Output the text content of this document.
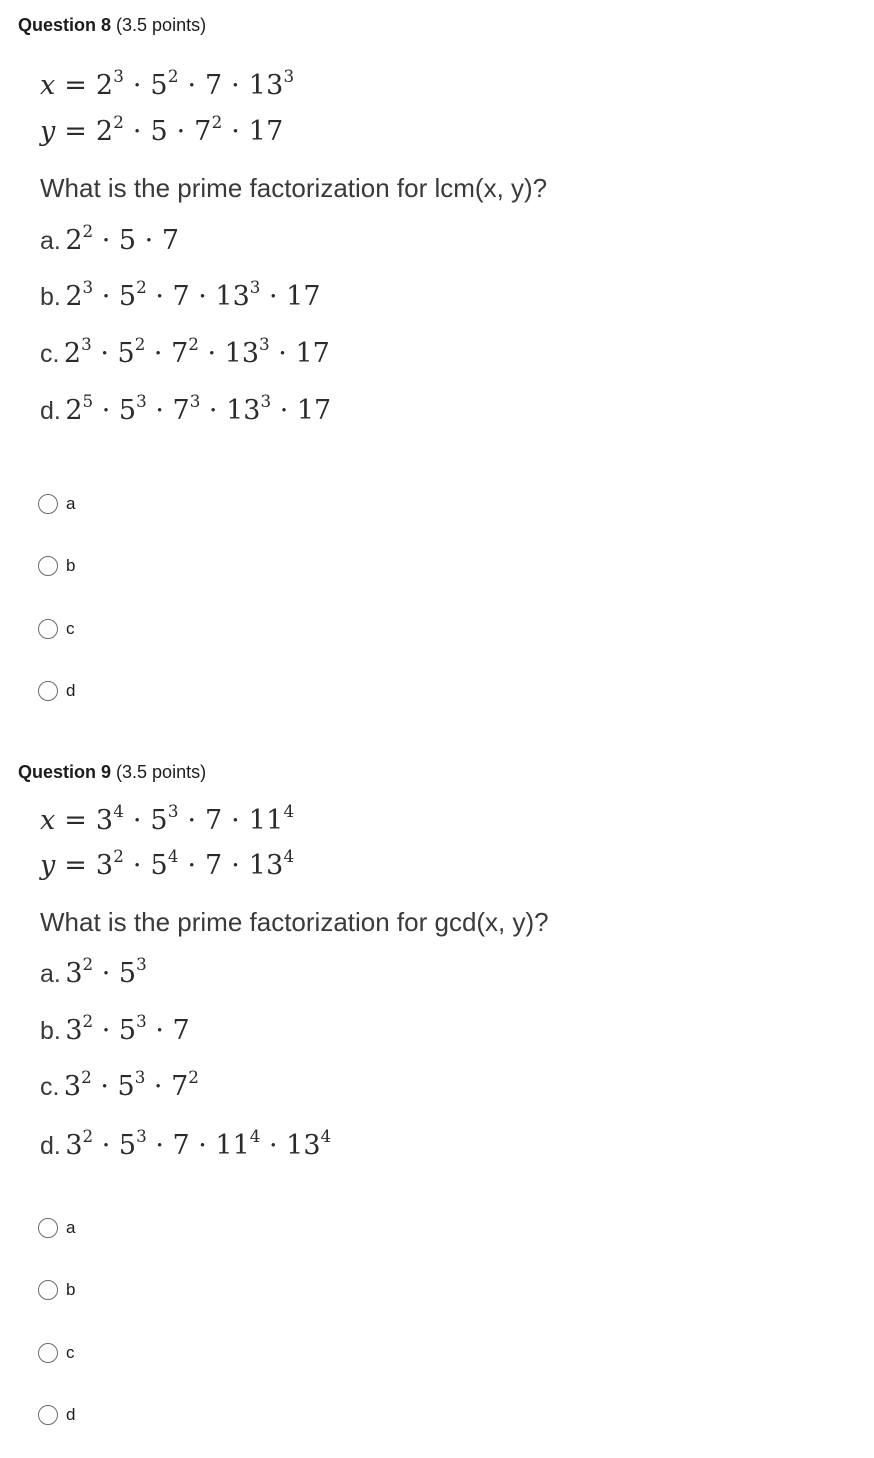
Question 8 (3.5 points)
$x = 2^3 \cdot 5^2 \cdot 7 \cdot 13^3$
$y = 2^2 \cdot 5 \cdot 7^2 \cdot 17$
What is the prime factorization for lcm(x, y)?
a. $2^2 \cdot 5 \cdot 7$
b. $2^3 \cdot 5^2 \cdot 7 \cdot 13^3 \cdot 17$
c. $2^3 \cdot 5^2 \cdot 7^2 \cdot 13^3 \cdot 17$
d. $2^5 \cdot 5^3 \cdot 7^3 \cdot 13^3 \cdot 17$
a
b
c
d
Question 9 (3.5 points)
$x = 3^4 \cdot 5^3 \cdot 7 \cdot 11^4$
$y = 3^2 \cdot 5^4 \cdot 7 \cdot 13^4$
What is the prime factorization for gcd(x, y)?
a. $3^2 \cdot 5^3$
b. $3^2 \cdot 5^3 \cdot 7$
c. $3^2 \cdot 5^3 \cdot 7^2$
d. $3^2 \cdot 5^3 \cdot 7 \cdot 11^4 \cdot 13^4$
a
b
c
d
